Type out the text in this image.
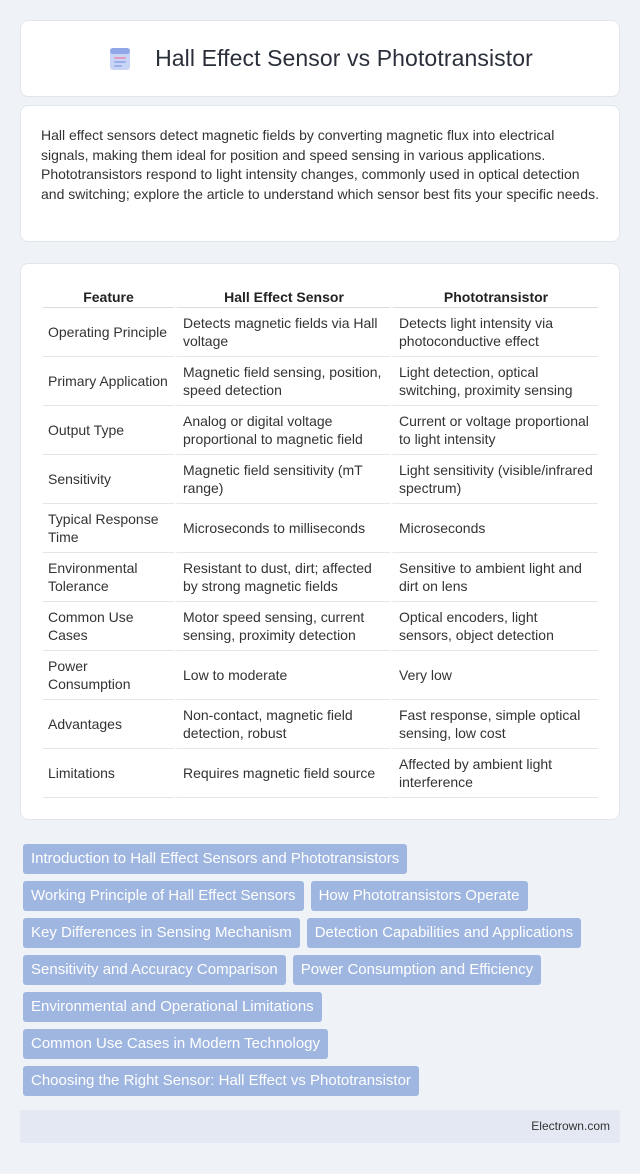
Hall Effect Sensor vs Phototransistor

Hall effect sensors detect magnetic fields by converting magnetic flux into electrical signals, making them ideal for position and speed sensing in various applications. Phototransistors respond to light intensity changes, commonly used in optical detection and switching; explore the article to understand which sensor best fits your specific needs.

Feature	Hall Effect Sensor	Phototransistor
Operating Principle	Detects magnetic fields via Hall voltage	Detects light intensity via photoconductive effect
Primary Application	Magnetic field sensing, position, speed detection	Light detection, optical switching, proximity sensing
Output Type	Analog or digital voltage proportional to magnetic field	Current or voltage proportional to light intensity
Sensitivity	Magnetic field sensitivity (mT range)	Light sensitivity (visible/infrared spectrum)
Typical Response Time	Microseconds to milliseconds	Microseconds
Environmental Tolerance	Resistant to dust, dirt; affected by strong magnetic fields	Sensitive to ambient light and dirt on lens
Common Use Cases	Motor speed sensing, current sensing, proximity detection	Optical encoders, light sensors, object detection
Power Consumption	Low to moderate	Very low
Advantages	Non-contact, magnetic field detection, robust	Fast response, simple optical sensing, low cost
Limitations	Requires magnetic field source	Affected by ambient light interference
Introduction to Hall Effect Sensors and Phototransistors
Working Principle of Hall Effect Sensors	How Phototransistors Operate
Key Differences in Sensing Mechanism	Detection Capabilities and Applications
Sensitivity and Accuracy Comparison	Power Consumption and Efficiency
Environmental and Operational Limitations
Common Use Cases in Modern Technology
Choosing the Right Sensor: Hall Effect vs Phototransistor
Electrown.com
